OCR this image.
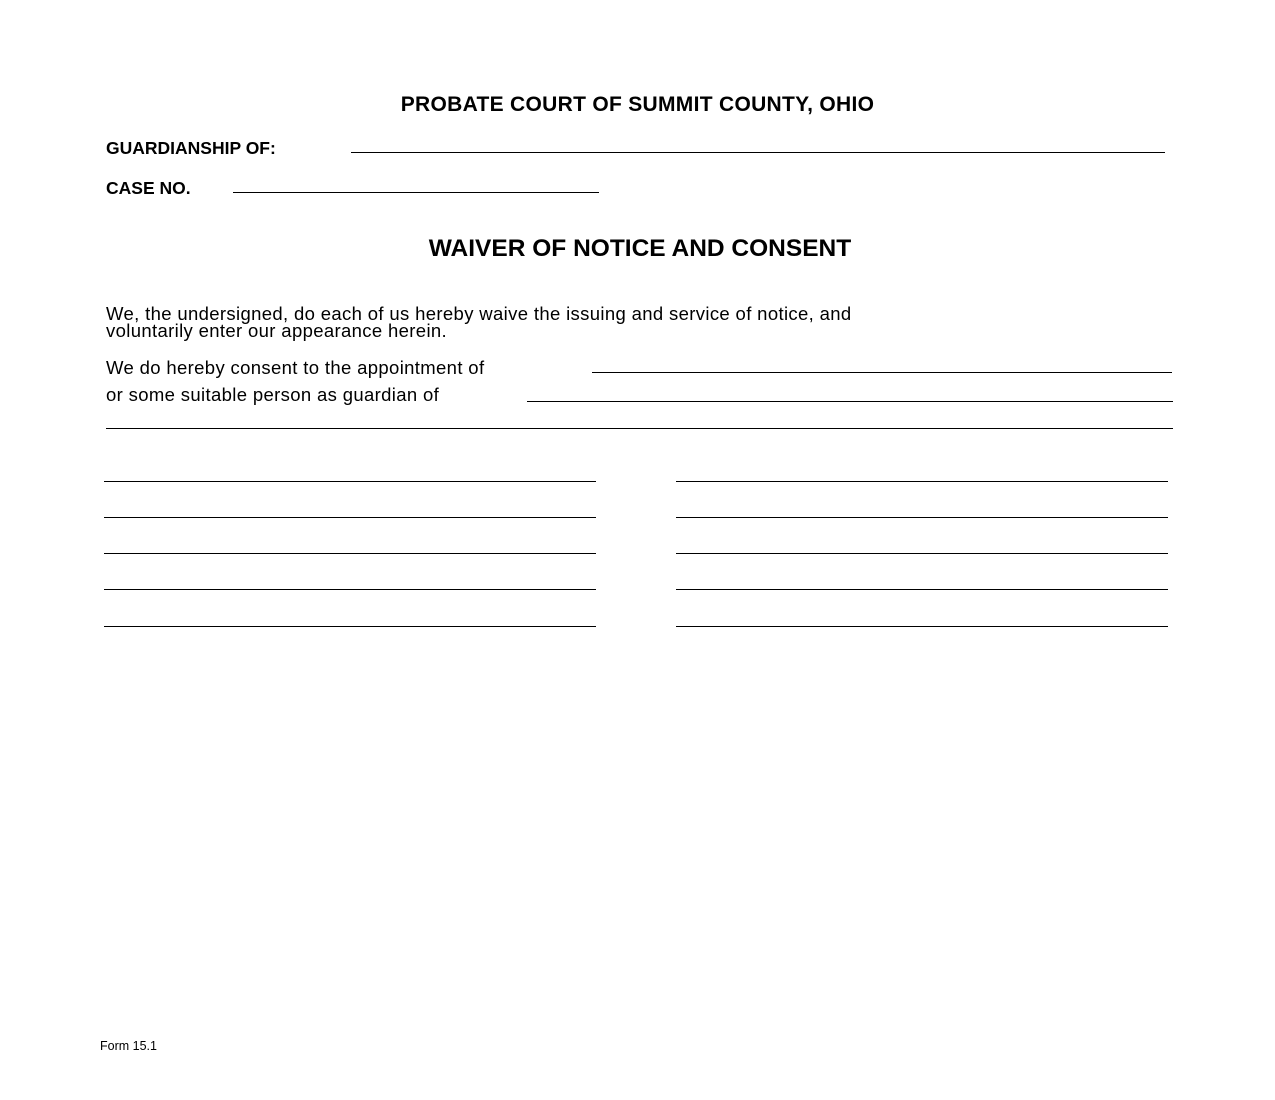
PROBATE COURT OF SUMMIT COUNTY, OHIO
GUARDIANSHIP OF:
CASE NO.
WAIVER OF NOTICE AND CONSENT
We, the undersigned, do each of us hereby waive the issuing and service of notice, and
voluntarily enter our appearance herein.
We do hereby consent to the appointment of
or some suitable person as guardian of
Form 15.1
